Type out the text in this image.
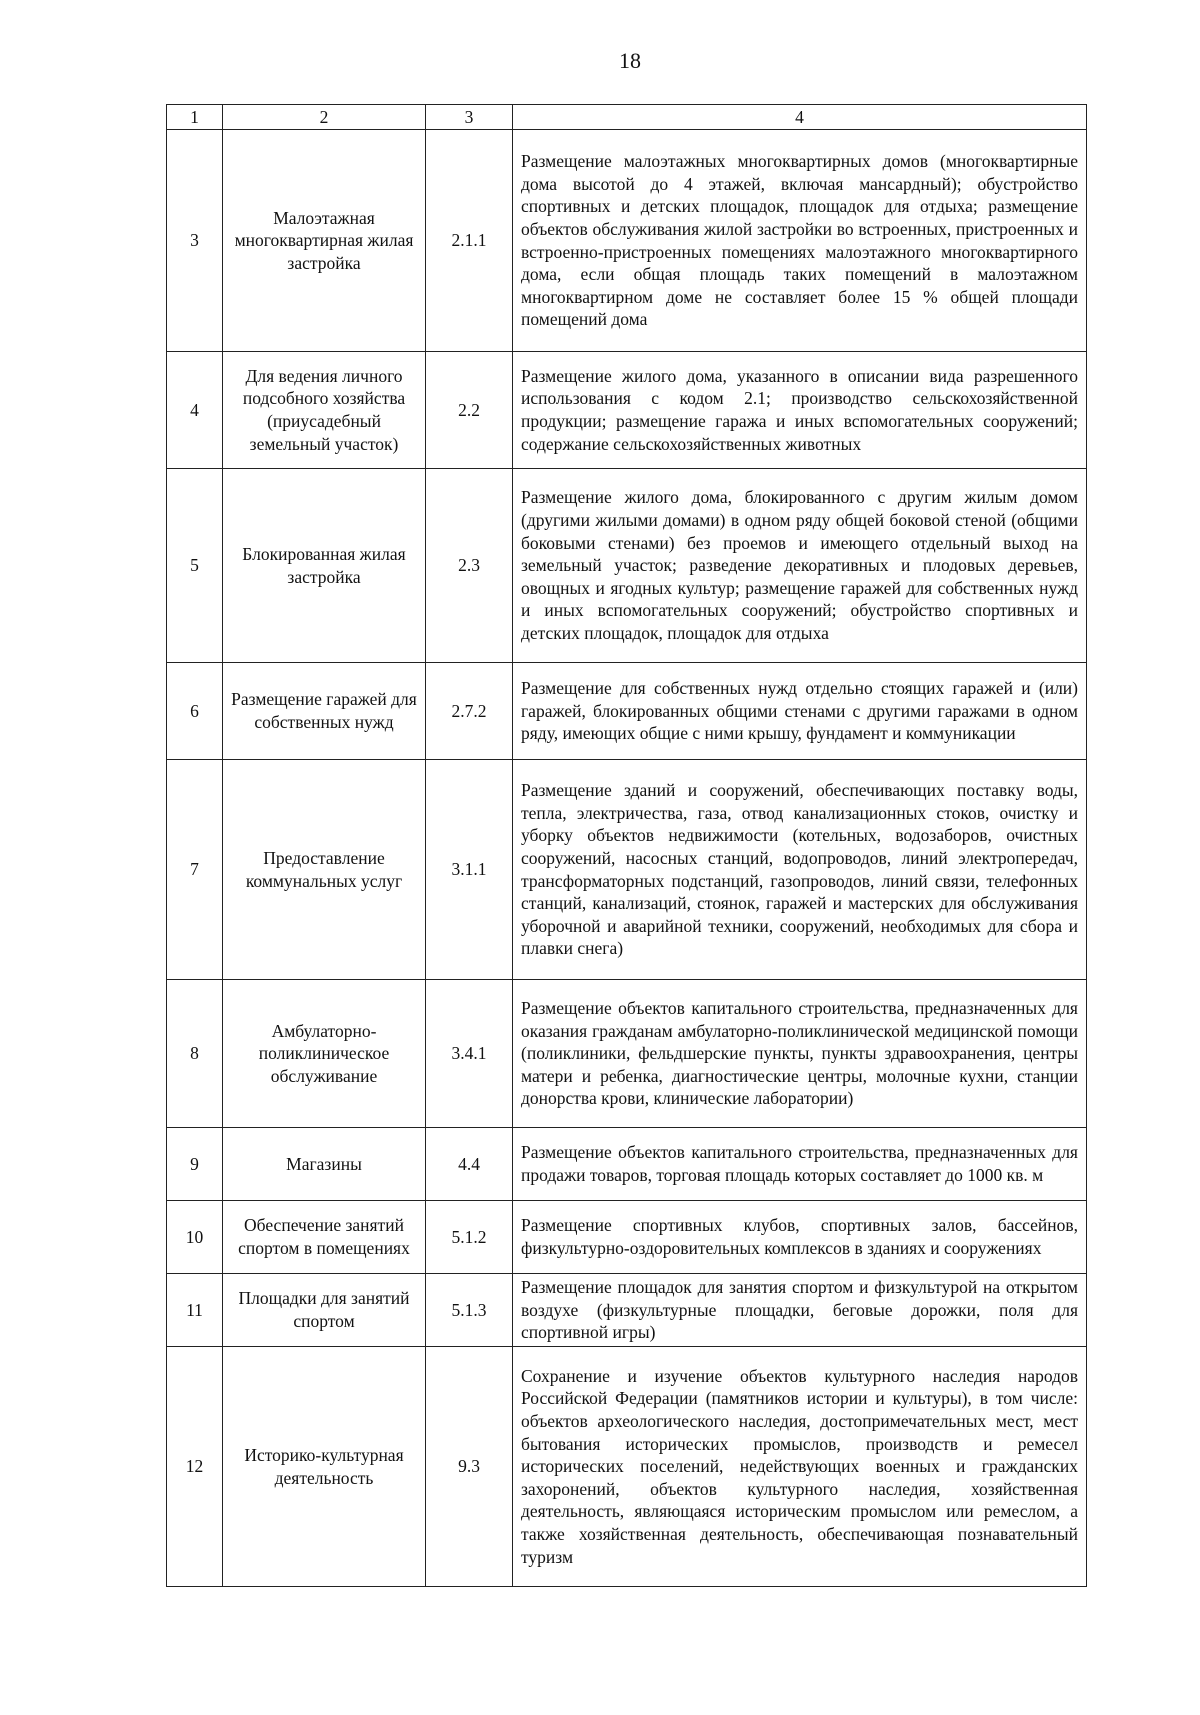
18
1	2	3	4
3	Малоэтажная многоквартирная жилая застройка	2.1.1	Размещение малоэтажных многоквартирных домов (многоквартирные дома высотой до 4 этажей, включая мансардный); обустройство спортивных и детских площадок, площадок для отдыха; размещение объектов обслуживания жилой застройки во встроенных, пристроенных и встроенно-пристроенных помещениях малоэтажного многоквартирного дома, если общая площадь таких помещений в малоэтажном многоквартирном доме не составляет более 15 % общей площади помещений дома
4	Для ведения личного подсобного хозяйства (приусадебный земельный участок)	2.2	Размещение жилого дома, указанного в описании вида разрешенного использования с кодом 2.1; производство сельскохозяйственной продукции; размещение гаража и иных вспомогательных сооружений; содержание сельскохозяйственных животных
5	Блокированная жилая застройка	2.3	Размещение жилого дома, блокированного с другим жилым домом (другими жилыми домами) в одном ряду общей боковой стеной (общими боковыми стенами) без проемов и имеющего отдельный выход на земельный участок; разведение декоративных и плодовых деревьев, овощных и ягодных культур; размещение гаражей для собственных нужд и иных вспомогательных сооружений; обустройство спортивных и детских площадок, площадок для отдыха
6	Размещение гаражей для собственных нужд	2.7.2	Размещение для собственных нужд отдельно стоящих гаражей и (или) гаражей, блокированных общими стенами с другими гаражами в одном ряду, имеющих общие с ними крышу, фундамент и коммуникации
7	Предоставление коммунальных услуг	3.1.1	Размещение зданий и сооружений, обеспечивающих поставку воды, тепла, электричества, газа, отвод канализационных стоков, очистку и уборку объектов недвижимости (котельных, водозаборов, очистных сооружений, насосных станций, водопроводов, линий электропередач, трансформаторных подстанций, газопроводов, линий связи, телефонных станций, канализаций, стоянок, гаражей и мастерских для обслуживания уборочной и аварийной техники, сооружений, необходимых для сбора и плавки снега)
8	Амбулаторно-поликлиническое обслуживание	3.4.1	Размещение объектов капитального строительства, предназначенных для оказания гражданам амбулаторно-поликлинической медицинской помощи (поликлиники, фельдшерские пункты, пункты здравоохранения, центры матери и ребенка, диагностические центры, молочные кухни, станции донорства крови, клинические лаборатории)
9	Магазины	4.4	Размещение объектов капитального строительства, предназначенных для продажи товаров, торговая площадь которых составляет до 1000 кв. м
10	Обеспечение занятий спортом в помещениях	5.1.2	Размещение спортивных клубов, спортивных залов, бассейнов, физкультурно-оздоровительных комплексов в зданиях и сооружениях
11	Площадки для занятий спортом	5.1.3	Размещение площадок для занятия спортом и физкультурой на открытом воздухе (физкультурные площадки, беговые дорожки, поля для спортивной игры)
12	Историко-культурная деятельность	9.3	Сохранение и изучение объектов культурного наследия народов Российской Федерации (памятников истории и культуры), в том числе: объектов археологического наследия, достопримечательных мест, мест бытования исторических промыслов, производств и ремесел исторических поселений, недействующих военных и гражданских захоронений, объектов культурного наследия, хозяйственная деятельность, являющаяся историческим промыслом или ремеслом, а также хозяйственная деятельность, обеспечивающая познавательный туризм
